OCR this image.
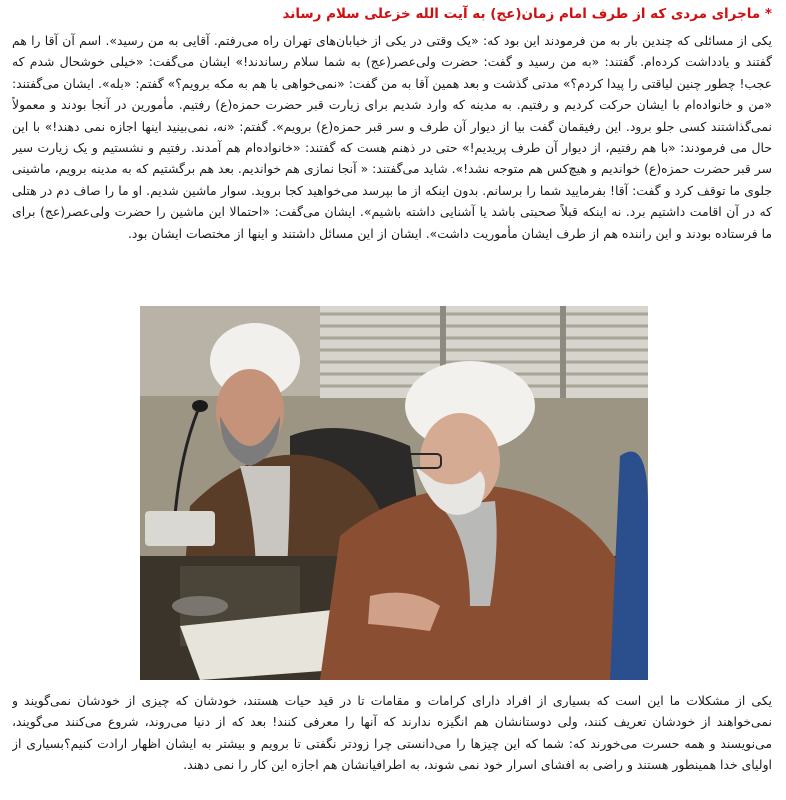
* ماجرای مردی که از طرف امام زمان(عج) به آیت الله خزعلی سلام رساند

یکی از مسائلی که چندین بار به من فرمودند این بود که: «یک وقتی در یکی از خیابان‌های تهران راه می‌رفتم. آقایی به من رسید». اسم آن آقا را هم گفتند و یادداشت کرده‌ام. گفتند: «به من رسید و گفت: حضرت ولی‌عصر(عج) به شما سلام رساندند!» ایشان می‌گفت: «خیلی خوشحال شدم که عجب! چطور چنین لیاقتی را پیدا کردم؟» مدتی گذشت و بعد همین آقا به من گفت: «نمی‌خواهی با هم به مکه برویم؟» گفتم: «بله». ایشان می‌گفتند: «من و خانواده‌ام با ایشان حرکت کردیم و رفتیم. به مدینه که وارد شدیم برای زیارت قبر حضرت حمزه(ع) رفتیم. مأمورین در آنجا بودند و معمولاً نمی‌گذاشتند کسی جلو برود. این رفیقمان گفت بیا از دیوار آن طرف و سر قبر حمزه(ع) برویم». گفتم: «نه، نمی‌بینید اینها اجازه نمی دهند!» با این حال می فرمودند: «با هم رفتیم، از دیوار آن طرف پریدیم!» حتی در ذهنم هست که گفتند: «خانواده‌ام هم آمدند. رفتیم و نشستیم و یک زیارت سیر سر قبر حضرت حمزه(ع) خواندیم و هیچ‌کس هم متوجه نشد!». شاید می‌گفتند: « آنجا نمازی هم خواندیم. بعد هم برگشتیم که به مدینه برویم، ماشینی جلوی ما توقف کرد و گفت: آقا! بفرمایید شما را برسانم. بدون اینکه از ما بپرسد می‌خواهید کجا بروید. سوار ماشین شدیم. او ما را صاف دم در هتلی که در آن اقامت داشتیم برد. نه اینکه قبلاً صحبتی باشد یا آشنایی داشته باشیم». ایشان می‌گفت: «احتمالا این ماشین را حضرت ولی‌عصر(عج) برای ما فرستاده بودند و این راننده هم از طرف ایشان مأموریت داشت». ایشان از این مسائل داشتند و اینها از مختصات ایشان بود.

یکی از مشکلات ما این است که بسیاری از افراد دارای کرامات و مقامات تا در قید حیات هستند، خودشان که چیزی از خودشان نمی‌گویند و نمی‌خواهند از خودشان تعریف کنند، ولی دوستانشان هم انگیزه ندارند که آنها را معرفی کنند! بعد که از دنیا می‌روند، شروع می‌کنند می‌گویند، می‌نویسند و همه حسرت می‌خورند که: شما که این چیزها را می‌دانستی چرا زودتر نگفتی تا برویم و بیشتر به ایشان اظهار ارادت کنیم؟بسیاری از اولیای خدا همینطور هستند و راضی به افشای اسرار خود نمی شوند، به اطرافیانشان هم اجازه این کار را نمی دهند.
